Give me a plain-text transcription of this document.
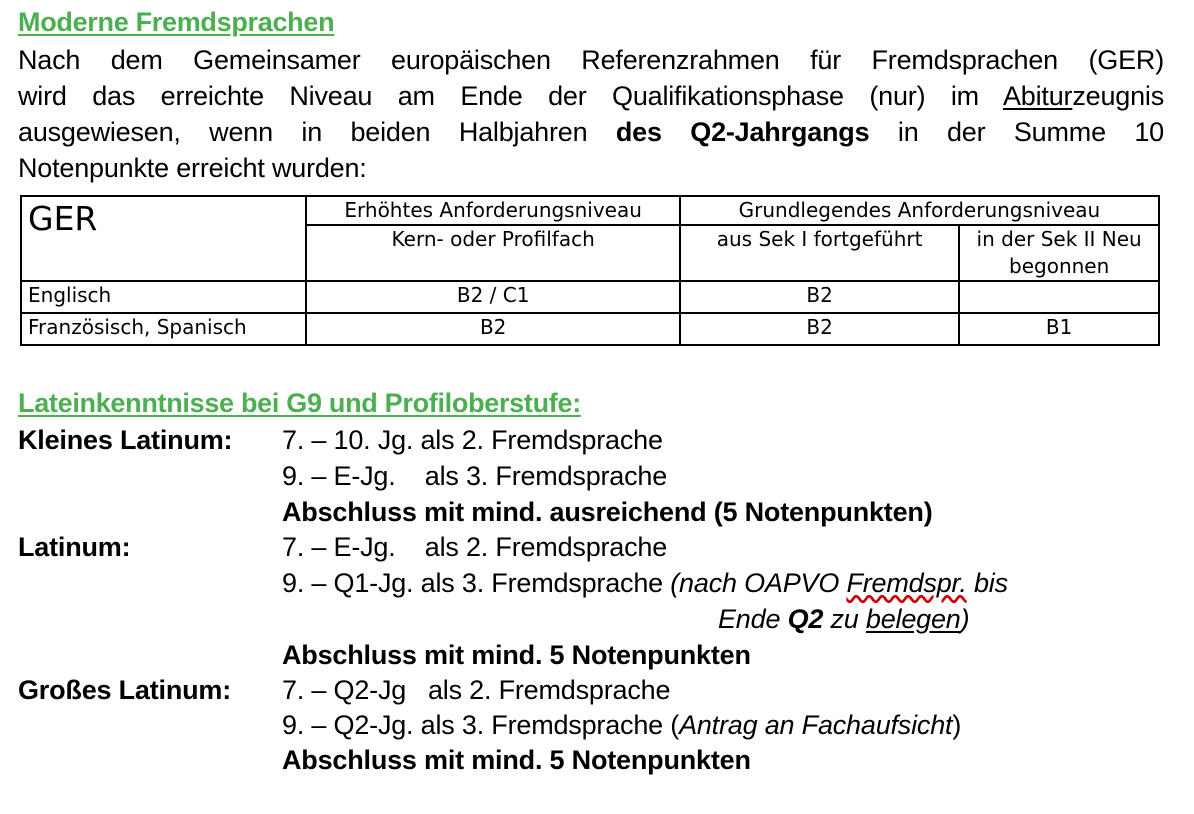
Moderne Fremdsprachen
Nach dem Gemeinsamer europäischen Referenzrahmen für Fremdsprachen (GER)
wird das erreichte Niveau am Ende der Qualifikationsphase (nur) im Abiturzeugnis
ausgewiesen, wenn in beiden Halbjahren des Q2-Jahrgangs in der Summe 10
Notenpunkte erreicht wurden:
GER	Erhöhtes Anforderungsniveau	Grundlegendes Anforderungsniveau	
	Kern- oder Profilfach	aus Sek I fortgeführt	in der Sek II Neu begonnen
Englisch	B2 / C1	B2	
Französisch, Spanisch	B2	B2	B1
Lateinkenntnisse bei G9 und Profiloberstufe:

Kleines Latinum:

7. – 10. Jg. als 2. Fremdsprache

9. – E-Jg.    als 3. Fremdsprache

Abschluss mit mind. ausreichend (5 Notenpunkten)

Latinum:

	7. – E-Jg.    als 2. Fremdsprache

9. – Q1-Jg. als 3. Fremdsprache (nach OAPVO Fremdspr. bis

Ende Q2 zu belegen)

Abschluss mit mind. 5 Notenpunkten

Großes Latinum:

7. – Q2-Jg   als 2. Fremdsprache

9. – Q2-Jg. als 3. Fremdsprache (Antrag an Fachaufsicht)

Abschluss mit mind. 5 Notenpunkten
